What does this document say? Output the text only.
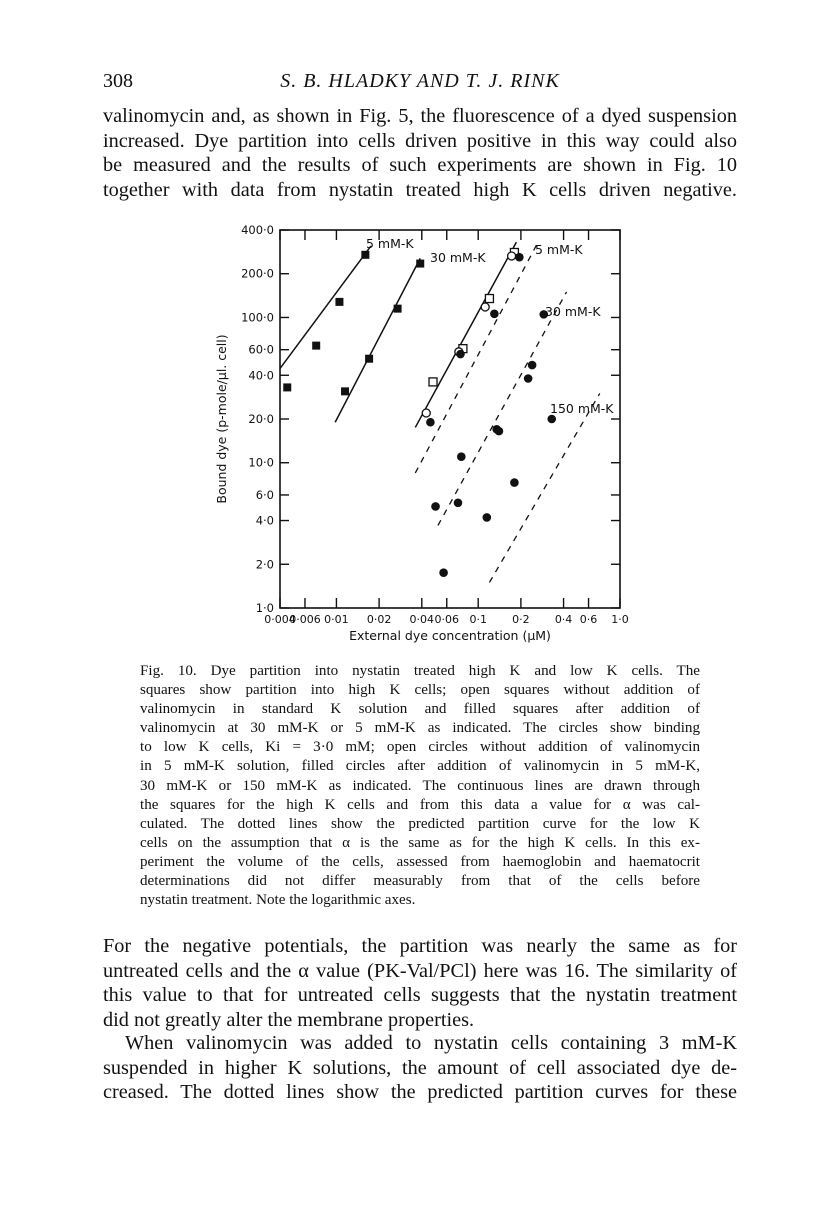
308	S. B. HLADKY AND T. J. RINK
valinomycin and, as shown in Fig. 5, the fluorescence of a dyed suspension
increased. Dye partition into cells driven positive in this way could also
be measured and the results of such experiments are shown in Fig. 10
together with data from nystatin treated high K cells driven negative.
0·004
0·006 0·01 0·02 0·04 0·06 0·1 0·2 0·4 0·6 1·0
400·0
200·0
100·0
60·0
40·0
20·0
10·0
6·0
4·0
2·0
1·0
External dye concentration (μM)
Bound dye (p-mole/μl. cell)
5 mM-K
30 mM-K
5 mM-K
30 mM-K
150 mM-K
Fig. 10. Dye partition into nystatin treated high K and low K cells. The
squares show partition into high K cells; open squares without addition of
valinomycin in standard K solution and filled squares after addition of
valinomycin at 30 mM-K or 5 mM-K as indicated. The circles show binding
to low K cells, Ki = 3·0 mM; open circles without addition of valinomycin
in 5 mM-K solution, filled circles after addition of valinomycin in 5 mM-K,
30 mM-K or 150 mM-K as indicated. The continuous lines are drawn through
the squares for the high K cells and from this data a value for α was cal-
culated. The dotted lines show the predicted partition curve for the low K
cells on the assumption that α is the same as for the high K cells. In this ex-
periment the volume of the cells, assessed from haemoglobin and haematocrit
determinations did not differ measurably from that of the cells before
nystatin treatment. Note the logarithmic axes.
For the negative potentials, the partition was nearly the same as for
untreated cells and the α value (PK-Val/PCl) here was 16. The similarity of
this value to that for untreated cells suggests that the nystatin treatment
did not greatly alter the membrane properties.
When valinomycin was added to nystatin cells containing 3 mM-K
suspended in higher K solutions, the amount of cell associated dye de-
creased. The dotted lines show the predicted partition curves for these
